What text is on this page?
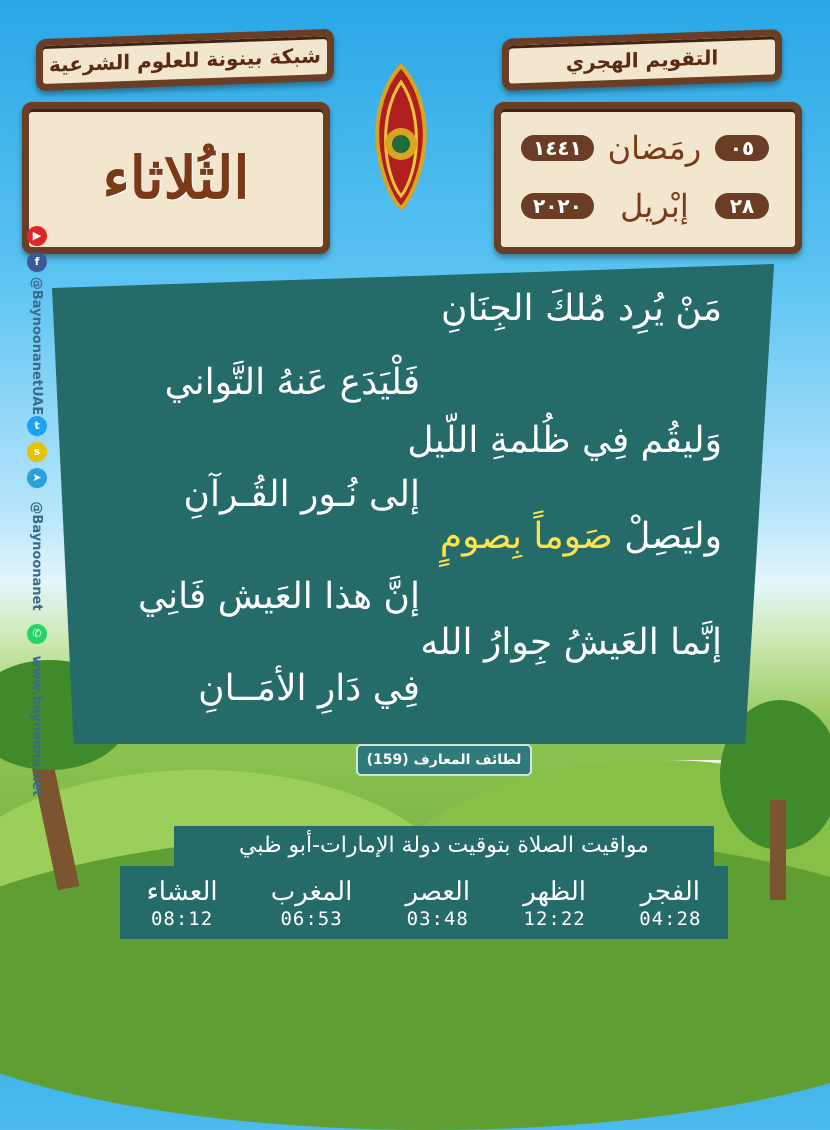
شبكة بينونة للعلوم الشرعية
الثُلاثاء
التقويم الهجري
٠٥
رمَضان
١٤٤١
٢٨
إبْريل
٢٠٢٠
▶
f
@BaynoonanetUAE
t
s
➤
@Baynoonanet
✆
www.baynoona.net
مَنْ يُرِد مُلكَ الجِنَانِ
فَلْيَدَع عَنهُ التَّواني
وَليقُم فِي ظُلمةِ اللّيل
إلى نُـور القُـرآنِ
وليَصِلْ صَوماً بِصومٍ
إنَّ هذا العَيش فَانِي
إنَّما العَيشُ جِوارُ الله
فِي دَارِ الأمَــانِ
لطائف المعارف (159)
مواقيت الصلاة بتوقيت دولة الإمارات-أبو ظبي
الفجر
04:28
الظهر
12:22
العصر
03:48
المغرب
06:53
العشاء
08:12
